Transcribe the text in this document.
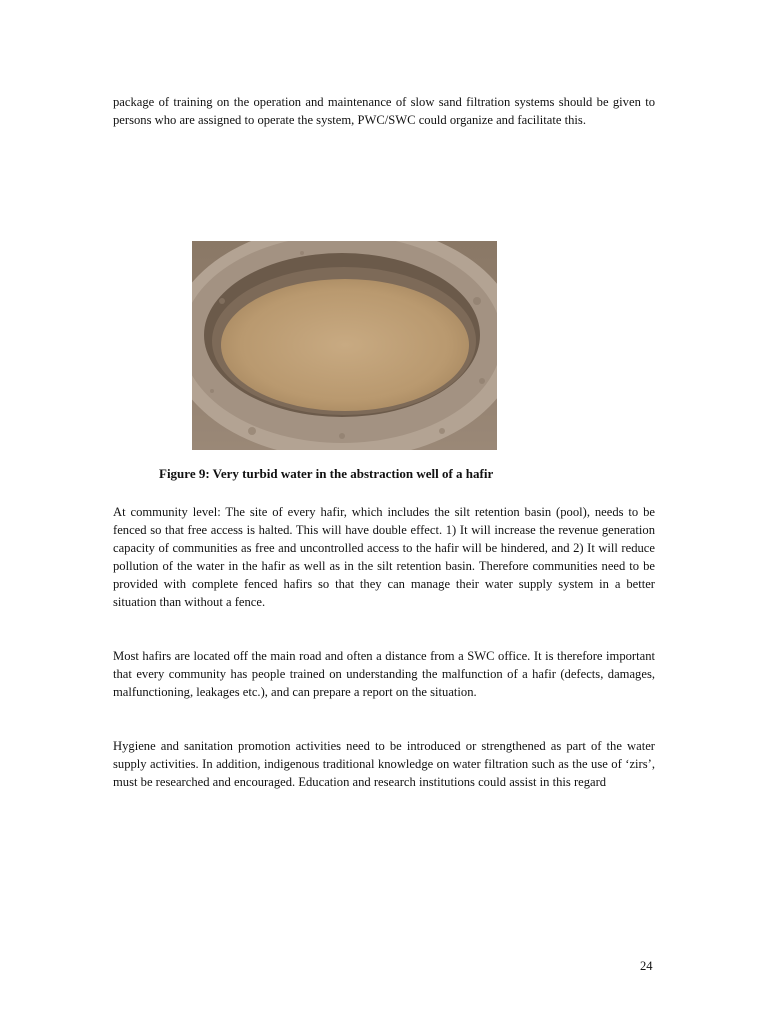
package of training on the operation and maintenance of slow sand filtration systems should be given to persons who are assigned to operate the system, PWC/SWC could organize and facilitate this.

Figure 9: Very turbid water in the abstraction well of a hafir

At community level: The site of every hafir, which includes the silt retention basin (pool), needs to be fenced so that free access is halted. This will have double effect. 1) It will increase the revenue generation capacity of communities as free and uncontrolled access to the hafir will be hindered, and 2) It will reduce pollution of the water in the hafir as well as in the silt retention basin. Therefore communities need to be provided with complete fenced hafirs so that they can manage their water supply system in a better situation than without a fence.

Most hafirs are located off the main road and often a distance from a SWC office. It is therefore important that every community has people trained on understanding the malfunction of a hafir (defects, damages, malfunctioning, leakages etc.), and can prepare a report on the situation.

Hygiene and sanitation promotion activities need to be introduced or strengthened as part of the water supply activities. In addition, indigenous traditional knowledge on water filtration such as the use of ‘zirs’, must be researched and encouraged. Education and research institutions could assist in this regard

24
